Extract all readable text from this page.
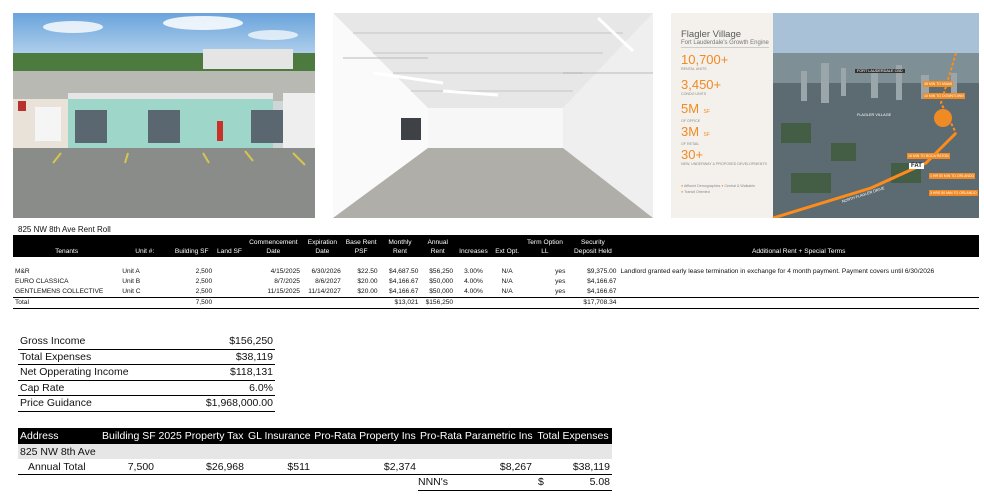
Flagler Village
Fort Lauderdale's Growth Engine
10,700+
RENTAL UNITS
3,450+
CONDO UNITS
5M SF
OF OFFICE
3M SF
OF RETAIL
30+
NEW, UNDERWAY & PROPOSED DEVELOPMENTS
● Affluent Demographics ● Central & Walkable
● Transit Oriented
FORT LAUDERDALE CBD
FLAGLER VILLAGE
38 MIN TO MIAMI
10 MIN TO DOWNTOWN
16 MIN TO BOCA RATON
1 HR 50 MIN TO ORLANDO
3 HRS 50 MIN TO ORLANDO
FAT
NORTH FLAGLER DRIVE
825 NW 8th Ave Rent Roll
Tenants	Unit #:	Building SF	Land SF	Commencement Date	Expiration Date	Base Rent PSF	Monthly Rent	Annual Rent	Increases	Ext Opt.	Term Option LL	Security Deposit Held	Additional Rent + Special Terms

M&R	Unit A	2,500		4/15/2025	6/30/2026	$22.50	$4,687.50	$56,250	3.00%	N/A	yes	$9,375.00	Landlord granted early lease termination in exchange for 4 month payment. Payment covers until 6/30/2026
EURO CLASSICA	Unit B	2,500		8/7/2025	8/6/2027	$20.00	$4,166.67	$50,000	4.00%	N/A	yes	$4,166.67	
GENTLEMENS COLLECTIVE	Unit C	2,500		11/15/2025	11/14/2027	$20.00	$4,166.67	$50,000	4.00%	N/A	yes	$4,166.67	
Total		7,500					$13,021	$156,250				$17,708.34	
Gross Income	$156,250
Total Expenses	$38,119
Net Opperating Income	$118,131
Cap Rate	6.0%
Price Guidance	$1,968,000.00
Address	Building SF	2025 Property Tax	GL Insurance	Pro-Rata Property Ins	Pro-Rata Parametric Ins	Total Expenses
825 NW 8th Ave						
Annual Total	7,500	$26,968	$511	$2,374	$8,267	$38,119
NNN's	$	5.08
